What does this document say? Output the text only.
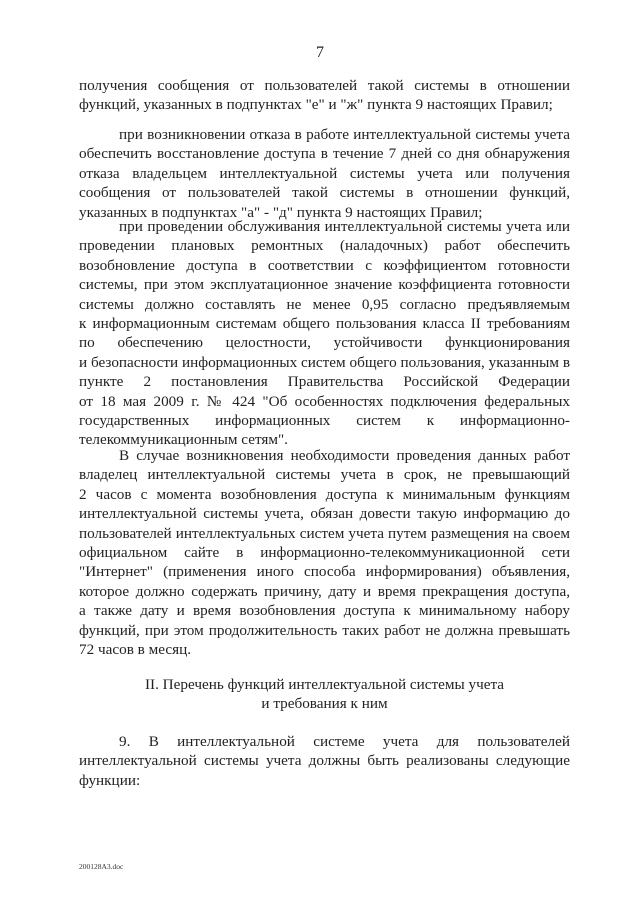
7
получения сообщения от пользователей такой системы в отношении
функций, указанных в подпунктах "е" и "ж" пункта 9 настоящих Правил;
при возникновении отказа в работе интеллектуальной системы учета
обеспечить восстановление доступа в течение 7 дней со дня обнаружения
отказа владельцем интеллектуальной системы учета или получения
сообщения от пользователей такой системы в отношении функций,
указанных в подпунктах "а" - "д" пункта 9 настоящих Правил;
при проведении обслуживания интеллектуальной системы учета или
проведении плановых ремонтных (наладочных) работ обеспечить
возобновление доступа в соответствии с коэффициентом готовности
системы, при этом эксплуатационное значение коэффициента готовности
системы должно составлять не менее 0,95 согласно предъявляемым
к информационным системам общего пользования класса II требованиям
по обеспечению целостности, устойчивости функционирования
и безопасности информационных систем общего пользования, указанным в
пункте 2 постановления Правительства Российской Федерации
от 18 мая 2009 г. № 424 "Об особенностях подключения федеральных
государственных информационных систем к информационно-
телекоммуникационным сетям".
В случае возникновения необходимости проведения данных работ
владелец интеллектуальной системы учета в срок, не превышающий
2 часов с момента возобновления доступа к минимальным функциям
интеллектуальной системы учета, обязан довести такую информацию до
пользователей интеллектуальных систем учета путем размещения на своем
официальном сайте в информационно-телекоммуникационной сети
"Интернет" (применения иного способа информирования) объявления,
которое должно содержать причину, дату и время прекращения доступа,
а также дату и время возобновления доступа к минимальному набору
функций, при этом продолжительность таких работ не должна превышать
72 часов в месяц.
II. Перечень функций интеллектуальной системы учета
и требования к ним
9. В интеллектуальной системе учета для пользователей
интеллектуальной системы учета должны быть реализованы следующие
функции:
200128А3.doc
